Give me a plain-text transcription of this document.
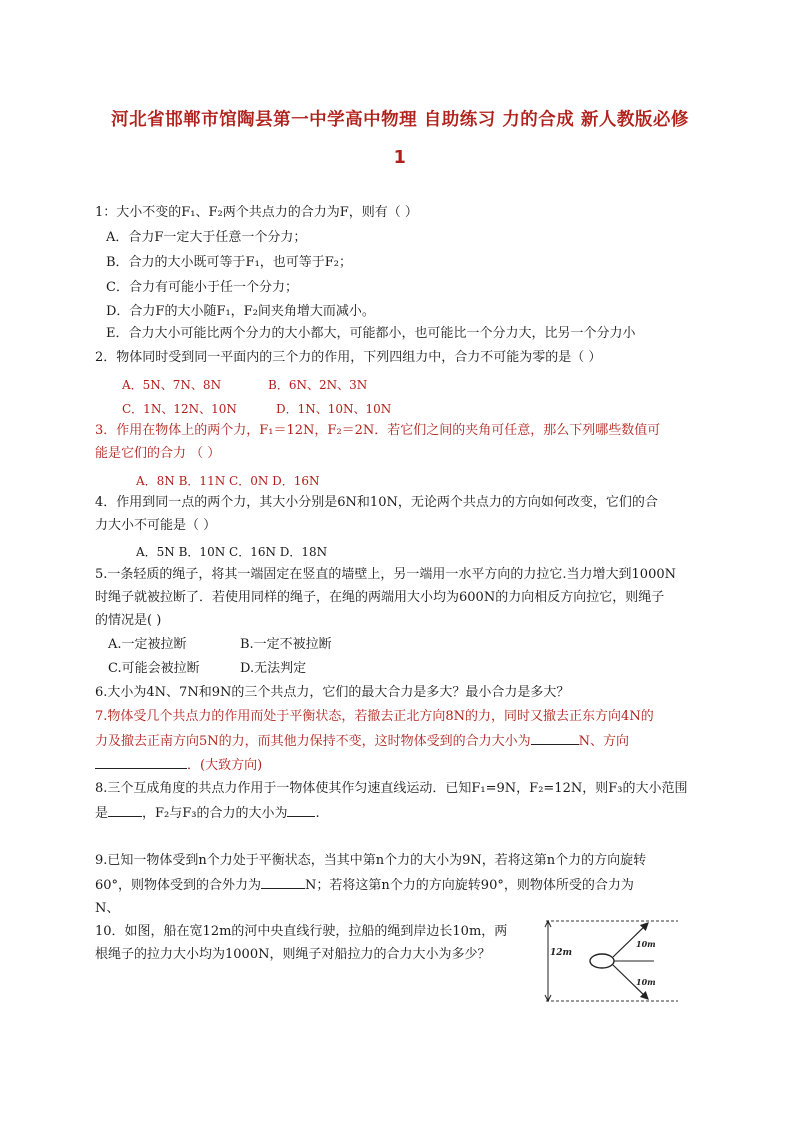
河北省邯郸市馆陶县第一中学高中物理 自助练习 力的合成 新人教版必修
1
1：大小不变的F₁、F₂两个共点力的合力为F，则有（ ）
A．合力F一定大于任意一个分力；
B．合力的大小既可等于F₁，也可等于F₂；
C．合力有可能小于任一个分力；
D．合力F的大小随F₁，F₂间夹角增大而减小。
E．合力大小可能比两个分力的大小都大，可能都小，也可能比一个分力大，比另一个分力小
2．物体同时受到同一平面内的三个力的作用，下列四组力中，合力不可能为零的是（ ）
A．5N、7N、8N	B．6N、2N、3N
C．1N、12N、10N	D．1N、10N、10N
3．作用在物体上的两个力，F₁＝12N，F₂＝2N．若它们之间的夹角可任意，那么下列哪些数值可
能是它们的合力 （ ）
A．8N B．11N C．0N D．16N
4．作用到同一点的两个力，其大小分别是6N和10N，无论两个共点力的方向如何改变，它们的合
力大小不可能是（ ）
A．5N B．10N C．16N D．18N
5.一条轻质的绳子，将其一端固定在竖直的墙壁上，另一端用一水平方向的力拉它.当力增大到1000N
时绳子就被拉断了．若使用同样的绳子，在绳的两端用大小均为600N的力向相反方向拉它，则绳子
的情况是( )
A.一定被拉断	B.一定不被拉断
C.可能会被拉断	D.无法判定
6.大小为4N、7N和9N的三个共点力，它们的最大合力是多大？最小合力是多大？
7.物体受几个共点力的作用而处于平衡状态，若撤去正北方向8N的力，同时又撤去正东方向4N的
力及撤去正南方向5N的力，而其他力保持不变，这时物体受到的合力大小为	N、方向
．(大致方向)
8.三个互成角度的共点力作用于一物体使其作匀速直线运动．已知F₁=9N，F₂=12N，则F₃的大小范围
是	，F₂与F₃的合力的大小为 .
9.已知一物体受到n个力处于平衡状态，当其中第n个力的大小为9N，若将这第n个力的方向旋转
60°，则物体受到的合外力为	N；若将这第n个力的方向旋转90°，则物体所受的合力为
N、
10．如图，船在宽12m的河中央直线行驶，拉船的绳到岸边长10m，两
根绳子的拉力大小均为1000N，则绳子对船拉力的合力大小为多少？	12m
10m
10m
